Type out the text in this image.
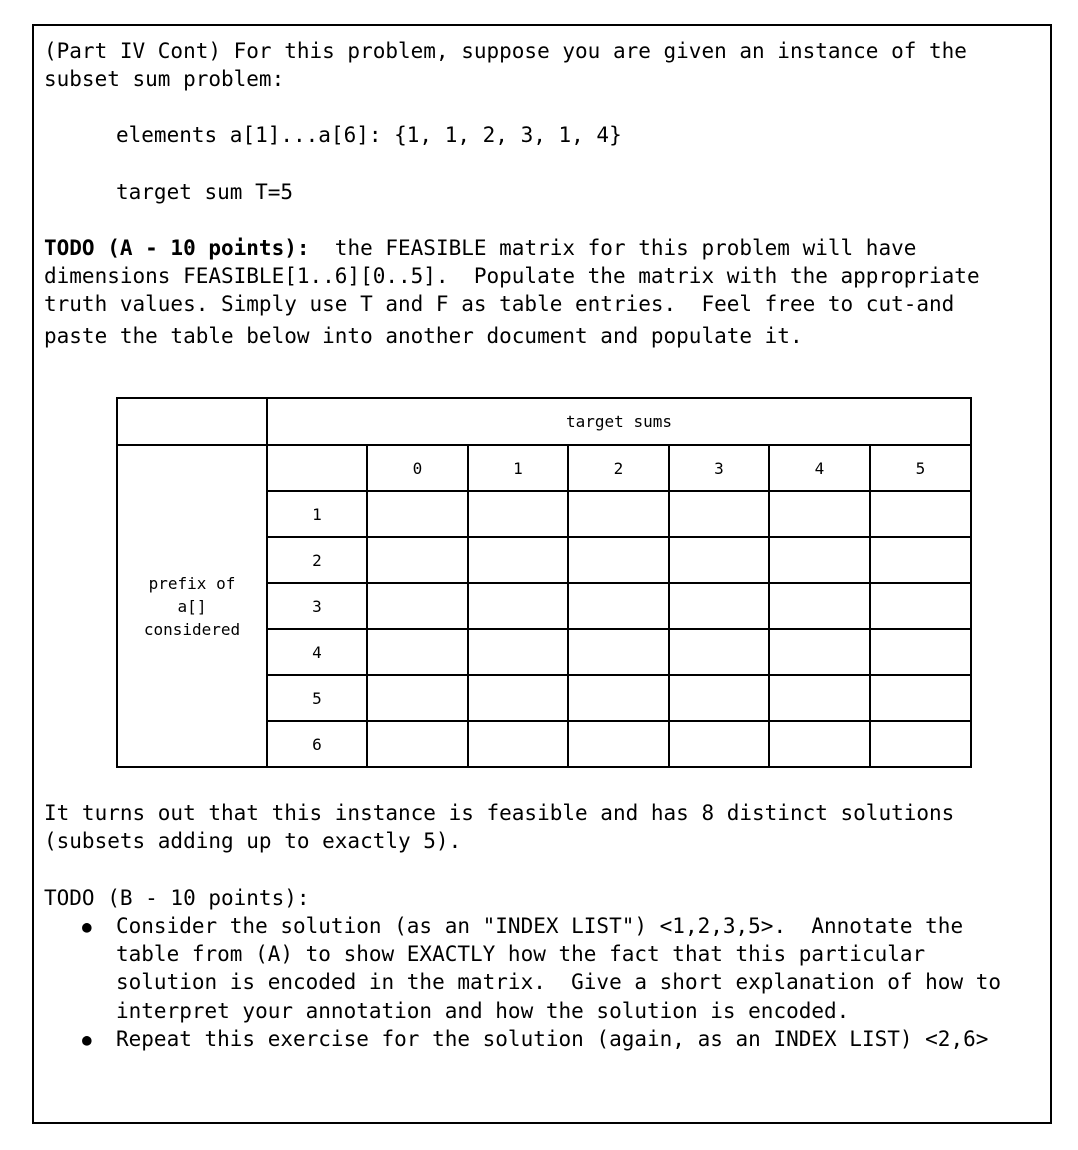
(Part IV Cont) For this problem, suppose you are given an instance of the

subset sum problem:

elements a[1]...a[6]: {1, 1, 2, 3, 1, 4}

target sum T=5

TODO (A - 10 points):  the FEASIBLE matrix for this problem will have

dimensions FEASIBLE[1..6][0..5].  Populate the matrix with the appropriate

truth values. Simply use T and F as table entries.  Feel free to cut-and

paste the table below into another document and populate it.

	target sums						
prefix of
a[]
considered		0	1	2	3	4	5
	1						
	2						
	3						
	4						
	5						
	6						

It turns out that this instance is feasible and has 8 distinct solutions

(subsets adding up to exactly 5).

TODO (B - 10 points):

● Consider the solution (as an "INDEX LIST") <1,2,3,5>.  Annotate the

table from (A) to show EXACTLY how the fact that this particular

solution is encoded in the matrix.  Give a short explanation of how to

interpret your annotation and how the solution is encoded.

● Repeat this exercise for the solution (again, as an INDEX LIST) <2,6>
